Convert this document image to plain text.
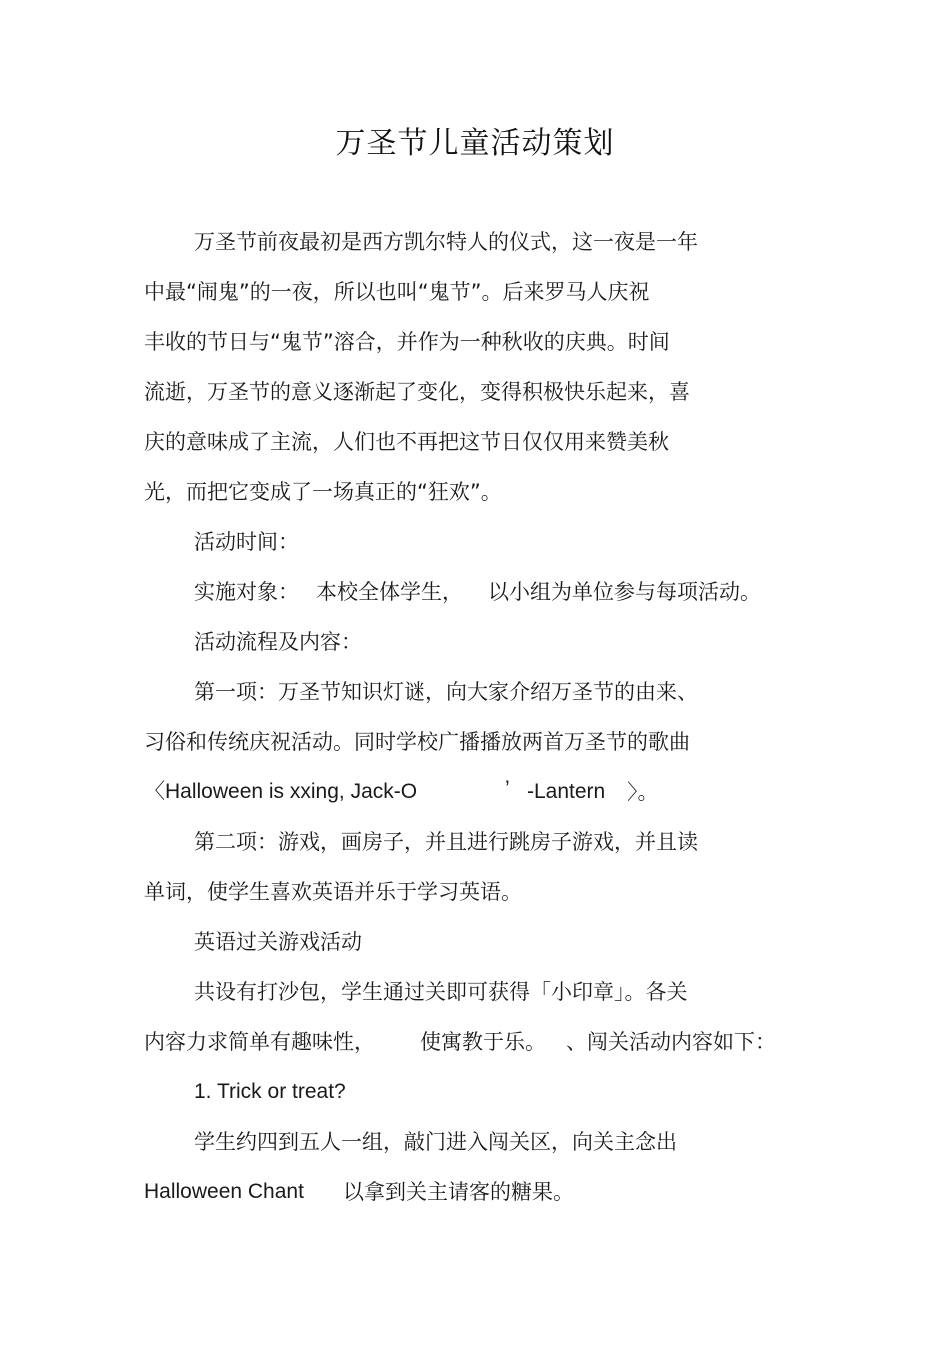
万圣节儿童活动策划
万圣节前夜最初是西方凯尔特人的仪式，这一夜是一年
中最“闹鬼”的一夜，所以也叫“鬼节”。后来罗马人庆祝
丰收的节日与“鬼节”溶合，并作为一种秋收的庆典。时间
流逝，万圣节的意义逐渐起了变化，变得积极快乐起来，喜
庆的意味成了主流，人们也不再把这节日仅仅用来赞美秋
光，而把它变成了一场真正的“狂欢”。
活动时间：
实施对象： 本校全体学生， 以小组为单位参与每项活动。
活动流程及内容：
第一项：万圣节知识灯谜，向大家介绍万圣节的由来、
习俗和传统庆祝活动。同时学校广播播放两首万圣节的歌曲
〈Halloween is xxing, Jack-O	’ -Lantern 〉。
第二项：游戏，画房子，并且进行跳房子游戏，并且读
单词，使学生喜欢英语并乐于学习英语。
英语过关游戏活动
共设有打沙包，学生通过关即可获得「小印章」。各关
内容力求简单有趣味性， 使寓教于乐。 、闯关活动内容如下：
1. Trick or treat?
学生约四到五人一组，敲门进入闯关区，向关主念出
Halloween Chant 以拿到关主请客的糖果。
